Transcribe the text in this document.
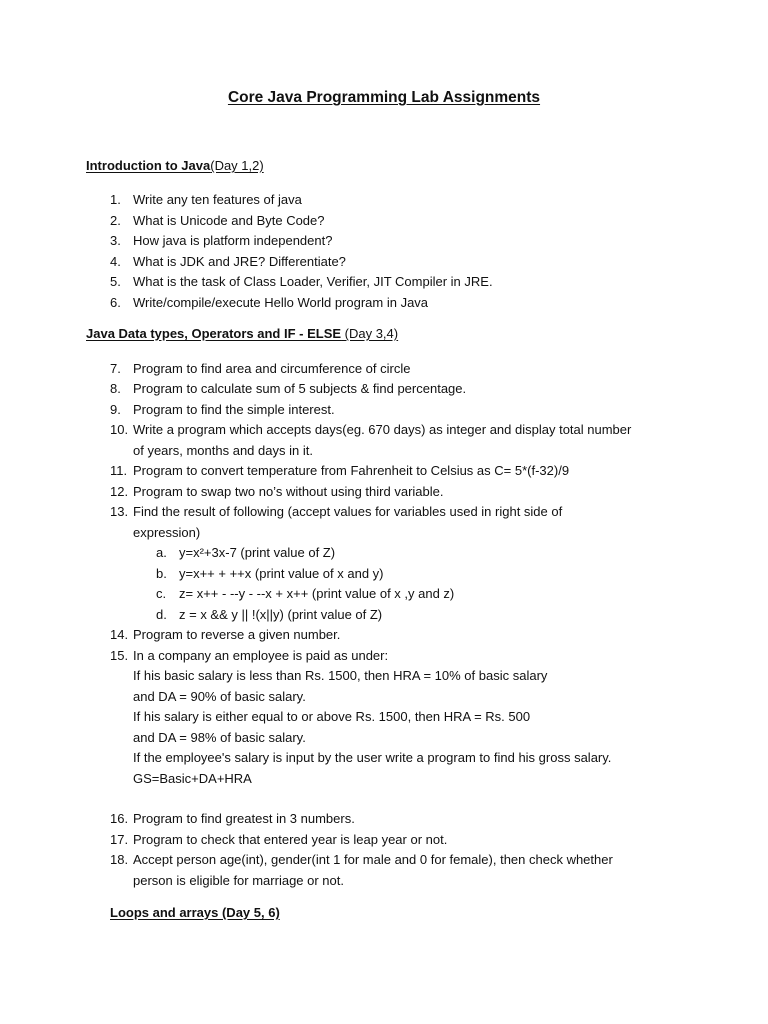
Core Java Programming Lab Assignments
Introduction to Java(Day 1,2)
1. Write any ten features of java
2. What is Unicode and Byte Code?
3. How java is platform independent?
4. What is JDK and JRE? Differentiate?
5. What is the task of Class Loader, Verifier, JIT Compiler in JRE.
6. Write/compile/execute Hello World program in Java
Java Data types, Operators and IF - ELSE (Day 3,4)
7. Program to find area and circumference of circle
8. Program to calculate sum of 5 subjects & find percentage.
9. Program to find the simple interest.
10. Write a program which accepts days(eg. 670 days) as integer and display total number
of years, months and days in it.
11. Program to convert temperature from Fahrenheit to Celsius as C= 5*(f-32)/9
12. Program to swap two no’s without using third variable.
13. Find the result of following (accept values for variables used in right side of
expression)
a. y=x²+3x-7 (print value of Z)
b. y=x++ + ++x (print value of x and y)
c. z= x++ - --y - --x + x++ (print value of x ,y and z)
d. z = x && y || !(x||y) (print value of Z)
14. Program to reverse a given number.
15. In a company an employee is paid as under:
If his basic salary is less than Rs. 1500, then HRA = 10% of basic salary
and DA = 90% of basic salary.
If his salary is either equal to or above Rs. 1500, then HRA = Rs. 500
and DA = 98% of basic salary.
If the employee's salary is input by the user write a program to find his gross salary.
GS=Basic+DA+HRA
16. Program to find greatest in 3 numbers.
17. Program to check that entered year is leap year or not.
18. Accept person age(int), gender(int 1 for male and 0 for female), then check whether
person is eligible for marriage or not.
Loops and arrays (Day 5, 6)
